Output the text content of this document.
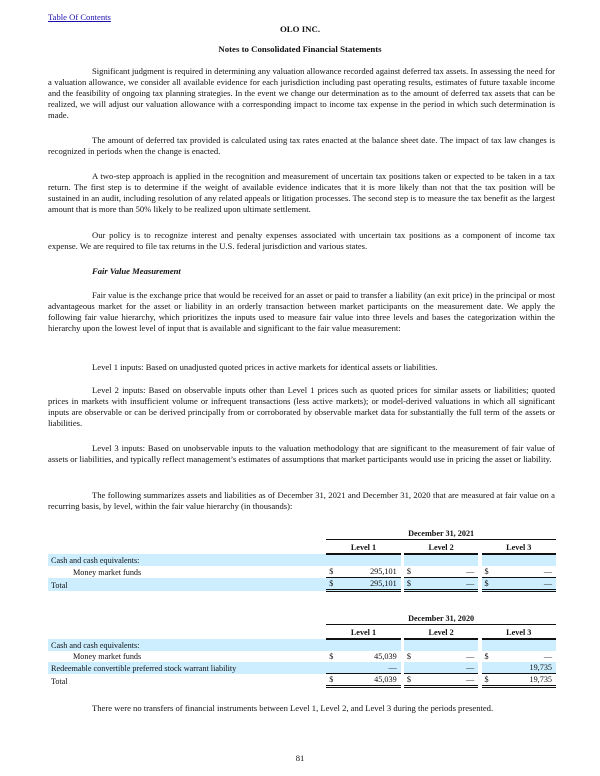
Table Of Contents
OLO INC.
Notes to Consolidated Financial Statements

Significant judgment is required in determining any valuation allowance recorded against deferred tax assets. In assessing the need for a valuation allowance, we consider all available evidence for each jurisdiction including past operating results, estimates of future taxable income and the feasibility of ongoing tax planning strategies. In the event we change our determination as to the amount of deferred tax assets that can be realized, we will adjust our valuation allowance with a corresponding impact to income tax expense in the period in which such determination is made.

The amount of deferred tax provided is calculated using tax rates enacted at the balance sheet date. The impact of tax law changes is recognized in periods when the change is enacted.

A two-step approach is applied in the recognition and measurement of uncertain tax positions taken or expected to be taken in a tax return. The first step is to determine if the weight of available evidence indicates that it is more likely than not that the tax position will be sustained in an audit, including resolution of any related appeals or litigation processes. The second step is to measure the tax benefit as the largest amount that is more than 50% likely to be realized upon ultimate settlement.

Our policy is to recognize interest and penalty expenses associated with uncertain tax positions as a component of income tax expense. We are required to file tax returns in the U.S. federal jurisdiction and various states.

Fair Value Measurement

Fair value is the exchange price that would be received for an asset or paid to transfer a liability (an exit price) in the principal or most advantageous market for the asset or liability in an orderly transaction between market participants on the measurement date. We apply the following fair value hierarchy, which prioritizes the inputs used to measure fair value into three levels and bases the categorization within the hierarchy upon the lowest level of input that is available and significant to the fair value measurement:

Level 1 inputs: Based on unadjusted quoted prices in active markets for identical assets or liabilities.

Level 2 inputs: Based on observable inputs other than Level 1 prices such as quoted prices for similar assets or liabilities; quoted prices in markets with insufficient volume or infrequent transactions (less active markets); or model-derived valuations in which all significant inputs are observable or can be derived principally from or corroborated by observable market data for substantially the full term of the assets or liabilities.

Level 3 inputs: Based on unobservable inputs to the valuation methodology that are significant to the measurement of fair value of assets or liabilities, and typically reflect management’s estimates of assumptions that market participants would use in pricing the asset or liability.

The following summarizes assets and liabilities as of December 31, 2021 and December 31, 2020 that are measured at fair value on a recurring basis, by level, within the fair value hierarchy (in thousands):

		December 31, 2021							
		Level 1			Level 2			Level 3	
Cash and cash equivalents:									
Money market funds		$	295,101		$	—		$	—
Total		$	295,101		$	—		$	—
		December 31, 2020							
		Level 1			Level 2			Level 3	
Cash and cash equivalents:									
Money market funds		$	45,039		$	—		$	—
Redeemable convertible preferred stock warrant liability			—			—			19,735
Total		$	45,039		$	—		$	19,735
There were no transfers of financial instruments between Level 1, Level 2, and Level 3 during the periods presented.
81
